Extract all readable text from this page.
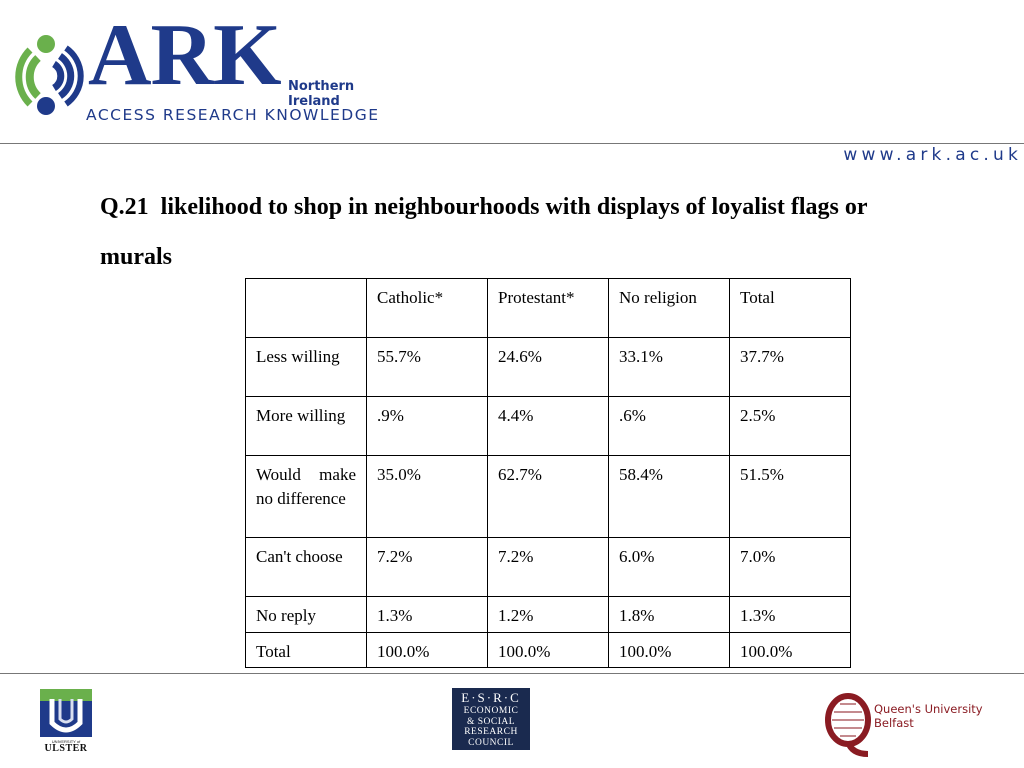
ARK Northern Ireland
ACCESS RESEARCH KNOWLEDGE
www.ark.ac.uk
Q.21  likelihood to shop in neighbourhoods with displays of loyalist flags or murals
	Catholic*	Protestant*	No religion	Total
Less willing	55.7%	24.6%	33.1%	37.7%
More willing	.9%	4.4%	.6%	2.5%
Would make no difference	35.0%	62.7%	58.4%	51.5%
Can't choose	7.2%	7.2%	6.0%	7.0%
No reply	1.3%	1.2%	1.8%	1.3%
Total	100.0%	100.0%	100.0%	100.0%
UNIVERSITY of
ULSTER
E·S·R·C
ECONOMIC
& SOCIAL
RESEARCH
COUNCIL
Queen's University
Belfast
